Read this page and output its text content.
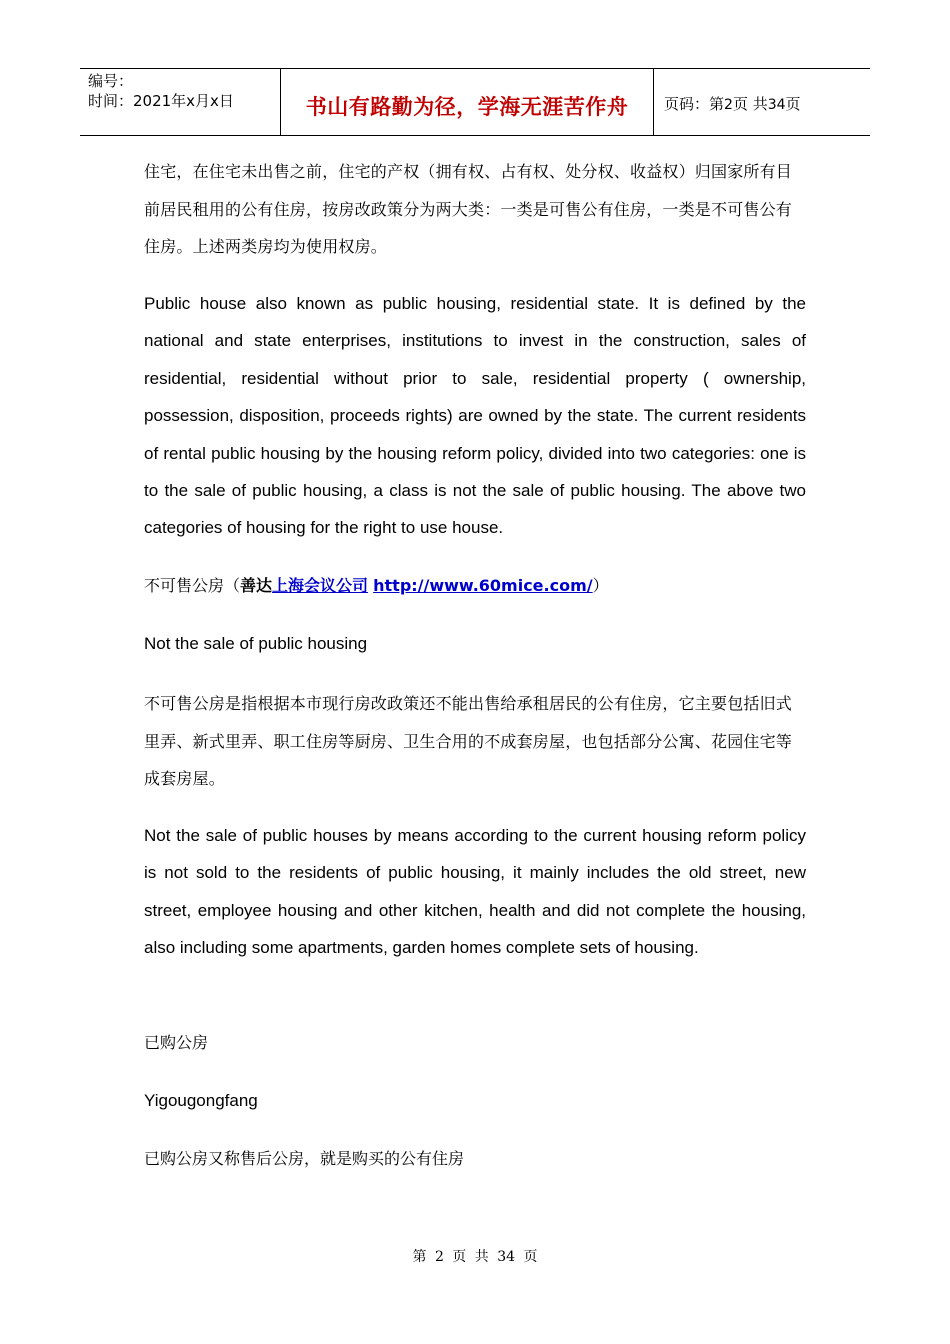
编号：
时间：2021年x月x日	书山有路勤为径，学海无涯苦作舟	页码：第2页 共34页
住宅，在住宅未出售之前，住宅的产权（拥有权、占有权、处分权、收益权）归国家所有目前居民租用的公有住房，按房改政策分为两大类：一类是可售公有住房，一类是不可售公有住房。上述两类房均为使用权房。
Public house also known as public housing, residential state. It is defined by the national and state enterprises, institutions to invest in the construction, sales of residential, residential without prior to sale, residential property ( ownership, possession, disposition, proceeds rights) are owned by the state. The current residents of rental public housing by the housing reform policy, divided into two categories: one is to the sale of public housing, a class is not the sale of public housing. The above two categories of housing for the right to use house.
不可售公房（善达上海会议公司 http://www.60mice.com/）
Not the sale of public housing
不可售公房是指根据本市现行房改政策还不能出售给承租居民的公有住房，它主要包括旧式里弄、新式里弄、职工住房等厨房、卫生合用的不成套房屋，也包括部分公寓、花园住宅等成套房屋。
Not the sale of public houses by means according to the current housing reform policy is not sold to the residents of public housing, it mainly includes the old street, new street, employee housing and other kitchen, health and did not complete the housing, also including some apartments, garden homes complete sets of housing.
已购公房
Yigougongfang
已购公房又称售后公房，就是购买的公有住房
第 2 页 共 34 页
